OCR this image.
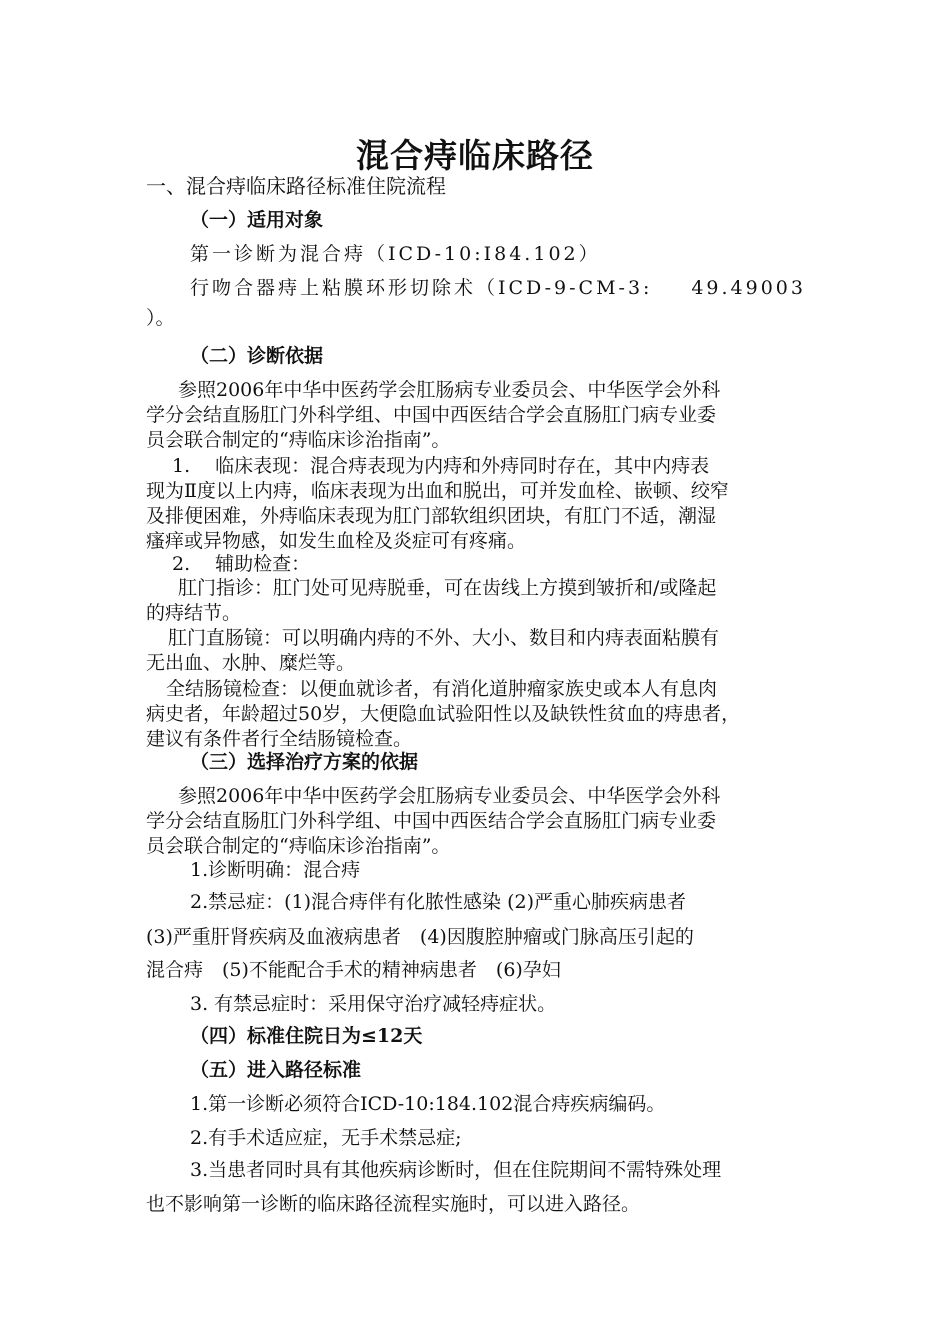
混合痔临床路径
一、混合痔临床路径标准住院流程
（一）适用对象
第一诊断为混合痔（ICD-10:I84.102）
行吻合器痔上粘膜环形切除术（ICD-9-CM-3: 49.49003
）。
（二）诊断依据
参照2006年中华中医药学会肛肠病专业委员会、中华医学会外科
学分会结直肠肛门外科学组、中国中西医结合学会直肠肛门病专业委
员会联合制定的“痔临床诊治指南”。
1.　 临床表现：混合痔表现为内痔和外痔同时存在，其中内痔表
现为Ⅱ度以上内痔，临床表现为出血和脱出，可并发血栓、嵌顿、绞窄
及排便困难，外痔临床表现为肛门部软组织团块，有肛门不适，潮湿
瘙痒或异物感，如发生血栓及炎症可有疼痛。
2.　 辅助检查：
肛门指诊：肛门处可见痔脱垂，可在齿线上方摸到皱折和/或隆起
的痔结节。
肛门直肠镜：可以明确内痔的不外、大小、数目和内痔表面粘膜有
无出血、水肿、糜烂等。
全结肠镜检查：以便血就诊者，有消化道肿瘤家族史或本人有息肉
病史者，年龄超过50岁，大便隐血试验阳性以及缺铁性贫血的痔患者，
建议有条件者行全结肠镜检查。
（三）选择治疗方案的依据
参照2006年中华中医药学会肛肠病专业委员会、中华医学会外科
学分会结直肠肛门外科学组、中国中西医结合学会直肠肛门病专业委
员会联合制定的“痔临床诊治指南”。
1.诊断明确：混合痔
2.禁忌症：(1)混合痔伴有化脓性感染 (2)严重心肺疾病患者
(3)严重肝肾疾病及血液病患者　(4)因腹腔肿瘤或门脉高压引起的
混合痔　(5)不能配合手术的精神病患者　(6)孕妇
3. 有禁忌症时：采用保守治疗减轻痔症状。
（四）标准住院日为≤12天
（五）进入路径标准
1.第一诊断必须符合ICD-10:184.102混合痔疾病编码。
2.有手术适应症，无手术禁忌症;
3.当患者同时具有其他疾病诊断时，但在住院期间不需特殊处理
也不影响第一诊断的临床路径流程实施时，可以进入路径。
